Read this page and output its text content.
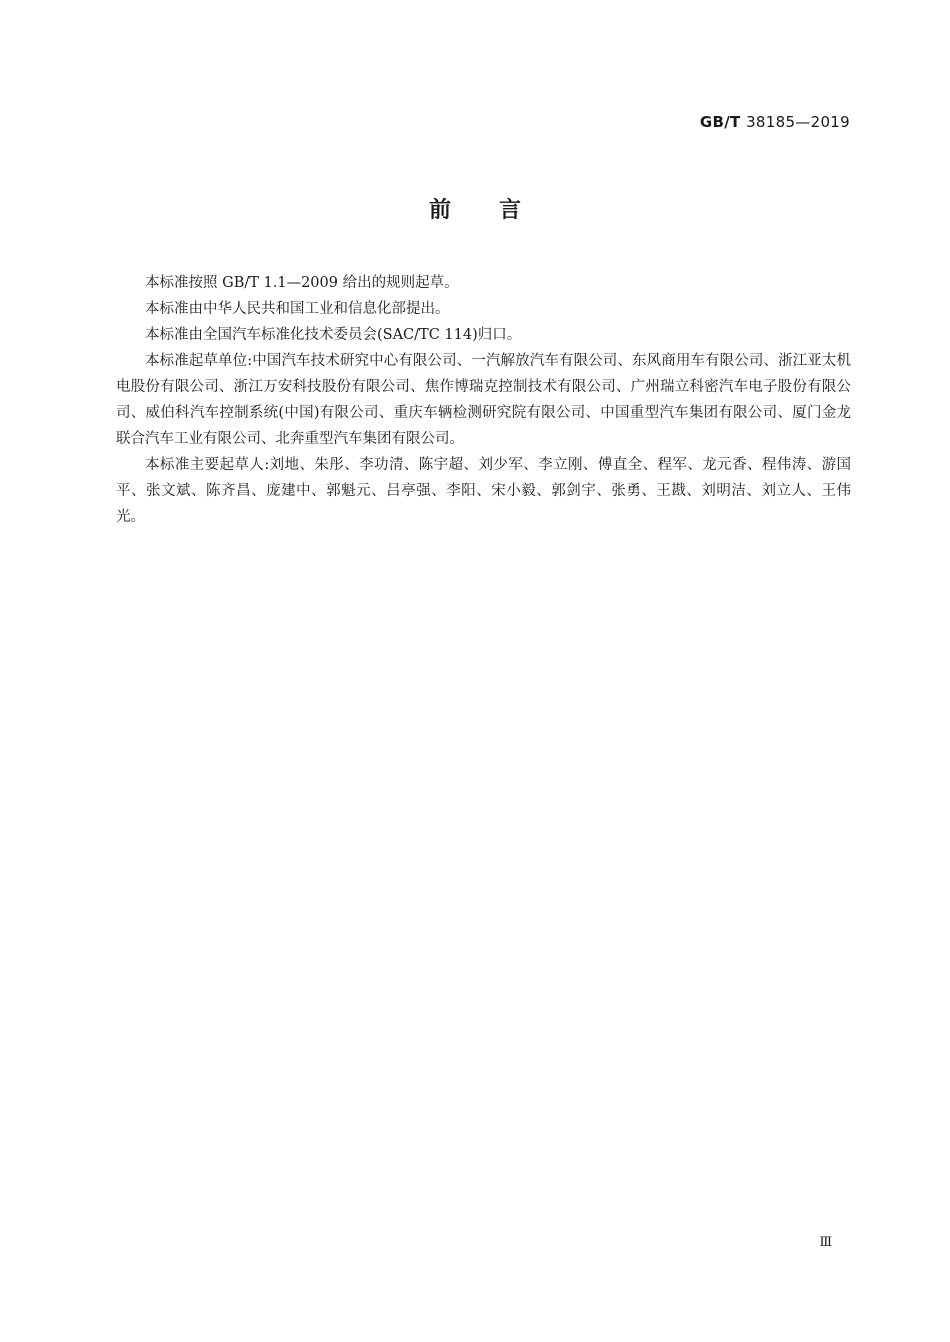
GB/T 38185—2019
前言

本标准按照 GB/T 1.1—2009 给出的规则起草。

本标准由中华人民共和国工业和信息化部提出。

本标准由全国汽车标准化技术委员会(SAC/TC 114)归口。

本标准起草单位:中国汽车技术研究中心有限公司、一汽解放汽车有限公司、东风商用车有限公司、浙江亚太机电股份有限公司、浙江万安科技股份有限公司、焦作博瑞克控制技术有限公司、广州瑞立科密汽车电子股份有限公司、威伯科汽车控制系统(中国)有限公司、重庆车辆检测研究院有限公司、中国重型汽车集团有限公司、厦门金龙联合汽车工业有限公司、北奔重型汽车集团有限公司。

本标准主要起草人:刘地、朱彤、李功清、陈宇超、刘少军、李立刚、傅直全、程军、龙元香、程伟涛、游国平、张文斌、陈齐昌、庞建中、郭魁元、吕亭强、李阳、宋小毅、郭剑宇、张勇、王戡、刘明洁、刘立人、王伟光。

Ⅲ
